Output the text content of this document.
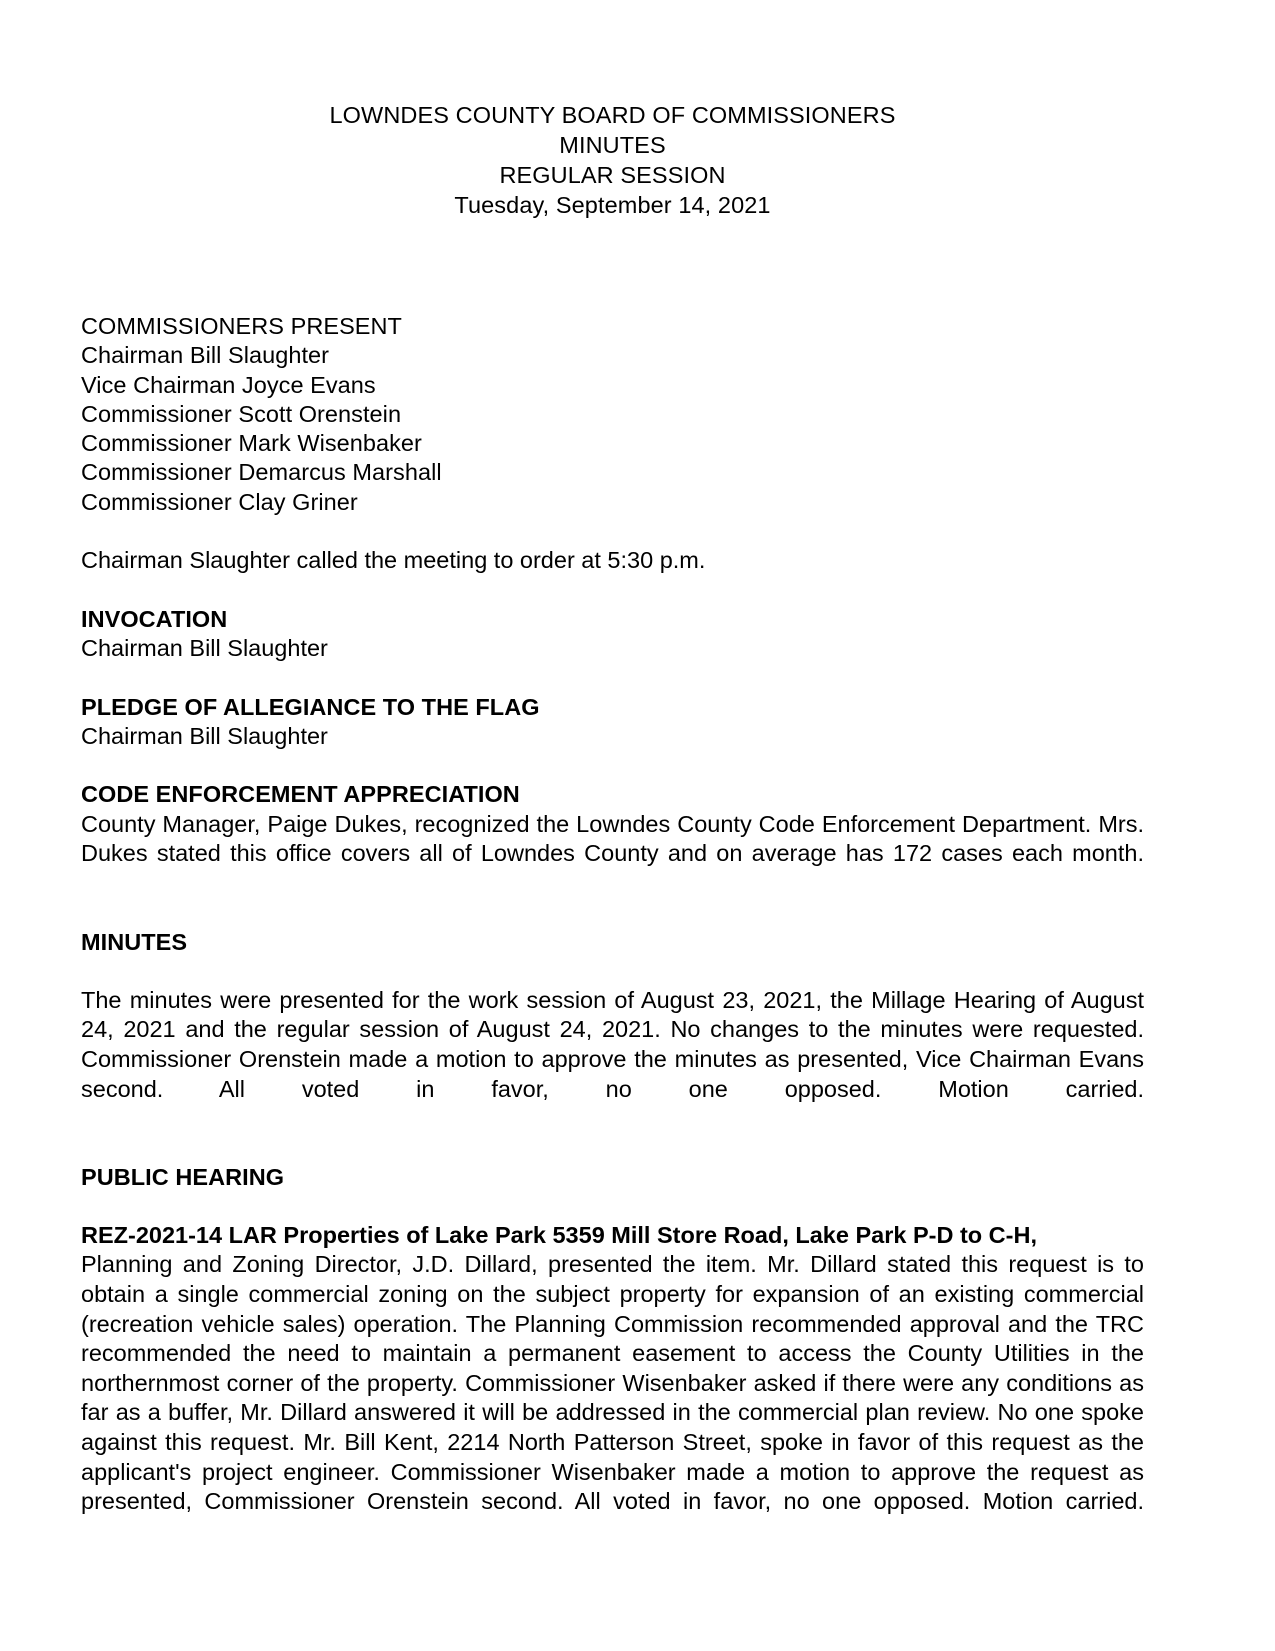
LOWNDES COUNTY BOARD OF COMMISSIONERS
MINUTES
REGULAR SESSION
Tuesday, September 14, 2021
COMMISSIONERS PRESENT
Chairman Bill Slaughter
Vice Chairman Joyce Evans
Commissioner Scott Orenstein
Commissioner Mark Wisenbaker
Commissioner Demarcus Marshall
Commissioner Clay Griner

Chairman Slaughter called the meeting to order at 5:30 p.m.

INVOCATION

Chairman Bill Slaughter

PLEDGE OF ALLEGIANCE TO THE FLAG

Chairman Bill Slaughter

CODE ENFORCEMENT APPRECIATION

County Manager, Paige Dukes, recognized the Lowndes County Code Enforcement Department. Mrs. Dukes stated this office covers all of Lowndes County and on average has 172 cases each month.

MINUTES

The minutes were presented for the work session of August 23, 2021, the Millage Hearing of August 24, 2021 and the regular session of August 24, 2021. No changes to the minutes were requested. Commissioner Orenstein made a motion to approve the minutes as presented, Vice Chairman Evans second. All voted in favor, no one opposed. Motion carried.

PUBLIC HEARING
REZ-2021-14 LAR Properties of Lake Park 5359 Mill Store Road, Lake Park P-D to C-H,

Planning and Zoning Director, J.D. Dillard, presented the item. Mr. Dillard stated this request is to obtain a single commercial zoning on the subject property for expansion of an existing commercial (recreation vehicle sales) operation. The Planning Commission recommended approval and the TRC recommended the need to maintain a permanent easement to access the County Utilities in the northernmost corner of the property. Commissioner Wisenbaker asked if there were any conditions as far as a buffer, Mr. Dillard answered it will be addressed in the commercial plan review. No one spoke against this request. Mr. Bill Kent, 2214 North Patterson Street, spoke in favor of this request as the applicant's project engineer. Commissioner Wisenbaker made a motion to approve the request as presented, Commissioner Orenstein second. All voted in favor, no one opposed. Motion carried.
